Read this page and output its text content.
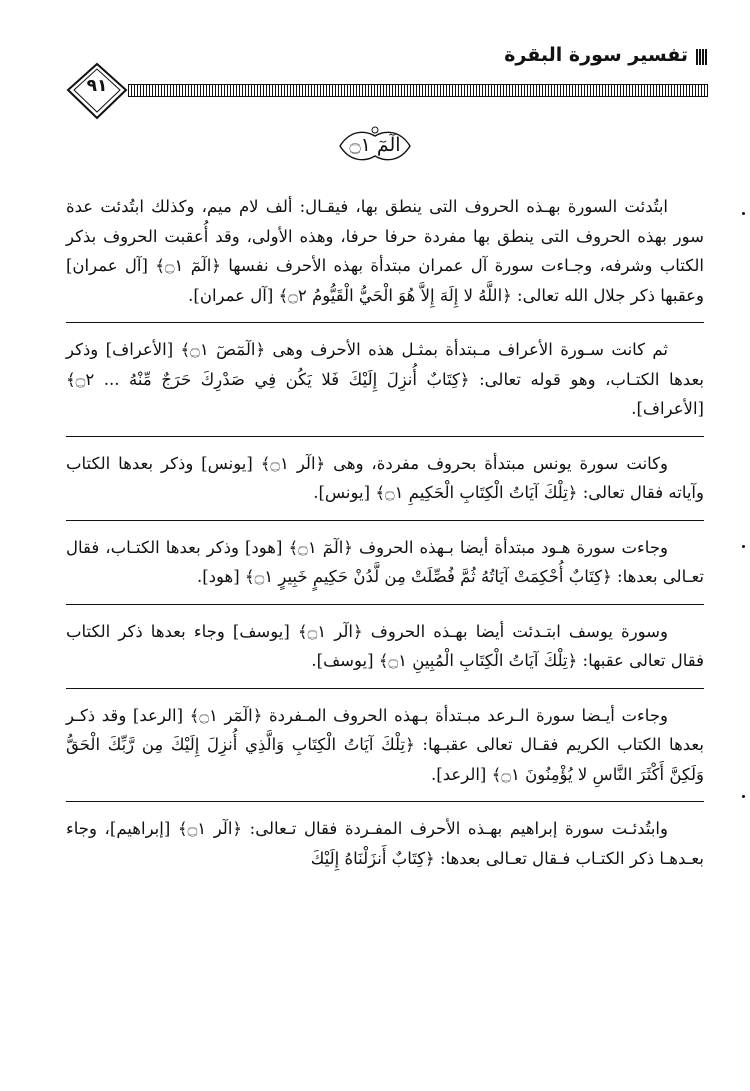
تفسير سورة البقرة
٩١
الٓمٓ ۝١

ابتُدئت السورة بهـذه الحروف التى ينطق بها، فيقـال: ألف لام ميم، وكذلك ابتُدئت عدة سور بهذه الحروف التى ينطق بها مفردة حرفا حرفا، وهذه الأولى، وقد أُعقبت الحروف بذكر الكتاب وشرفه، وجـاءت سورة آل عمران مبتدأة بهذه الأحرف نفسها ﴿الٓمٓ ۝١﴾ [آل عمران] وعقبها ذكر جلال الله تعالى: ﴿اللَّهُ لا إِلَهَ إِلاَّ هُوَ الْحَيُّ الْقَيُّومُ ۝٢﴾ [آل عمران].

ثم كانت سـورة الأعراف مـبتدأة بمثـل هذه الأحرف وهى ﴿الٓمٓصٓ ۝١﴾ [الأعراف] وذكر بعدها الكتـاب، وهو قوله تعالى: ﴿كِتَابٌ أُنزِلَ إِلَيْكَ فَلا يَكُن فِي صَدْرِكَ حَرَجٌ مِّنْهُ ... ۝٢﴾ [الأعراف].

وكانت سورة يونس مبتدأة بحروف مفردة، وهى ﴿الٓر ۝١﴾ [يونس] وذكر بعدها الكتاب وآياته فقال تعالى: ﴿تِلْكَ آيَاتُ الْكِتَابِ الْحَكِيمِ ۝١﴾ [يونس].

وجاءت سورة هـود مبتدأة أيضا بـهذه الحروف ﴿الٓمٓ ۝١﴾ [هود] وذكر بعدها الكتـاب، فقال تعـالى بعدها: ﴿كِتَابٌ أُحْكِمَتْ آيَاتُهُ ثُمَّ فُصِّلَتْ مِن لَّدُنْ حَكِيمٍ خَبِيرٍ ۝١﴾ [هود].

وسورة يوسف ابتـدئت أيضا بهـذه الحروف ﴿الٓر ۝١﴾ [يوسف] وجاء بعدها ذكر الكتاب فقال تعالى عقبها: ﴿تِلْكَ آيَاتُ الْكِتَابِ الْمُبِينِ ۝١﴾ [يوسف].

وجاءت أيـضا سورة الـرعد مبـتدأة بـهذه الحروف المـفردة ﴿الٓمٓر ۝١﴾ [الرعد] وقد ذكـر بعدها الكتاب الكريم فقـال تعالى عقبـها: ﴿تِلْكَ آيَاتُ الْكِتَابِ وَالَّذِي أُنزِلَ إِلَيْكَ مِن رَّبِّكَ الْحَقُّ وَلَكِنَّ أَكْثَرَ النَّاسِ لا يُؤْمِنُونَ ۝١﴾ [الرعد].

وابتُدئـت سورة إبراهيم بهـذه الأحرف المفـردة فقال تـعالى: ﴿الٓر ۝١﴾ [إبراهيم]، وجاء بعـدهـا ذكر الكتـاب فـقال تعـالى بعدها: ﴿كِتَابٌ أَنزَلْنَاهُ إِلَيْكَ
